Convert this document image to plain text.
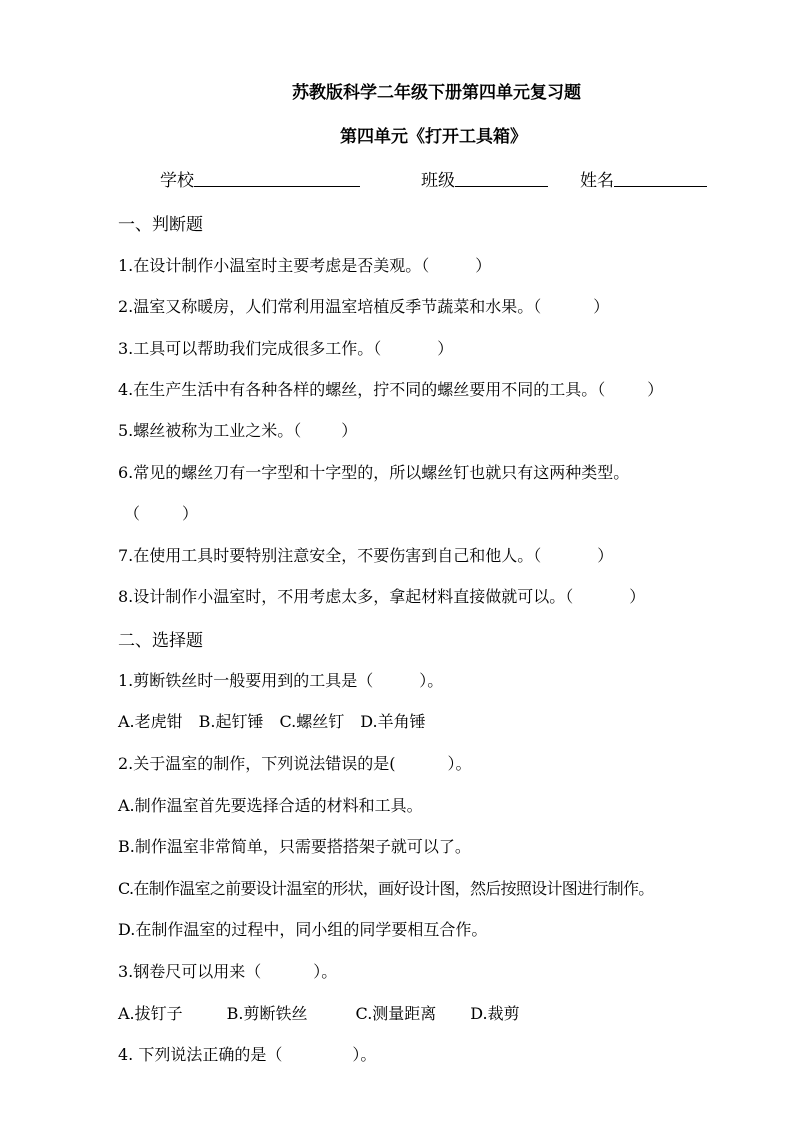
苏教版科学二年级下册第四单元复习题
第四单元《打开工具箱》
学校	班级	姓名
一、判断题
1.在设计制作小温室时主要考虑是否美观。（	）
2.温室又称暖房，人们常利用温室培植反季节蔬菜和水果。（	）
3.工具可以帮助我们完成很多工作。（	）
4.在生产生活中有各种各样的螺丝，拧不同的螺丝要用不同的工具。（	）
5.螺丝被称为工业之米。（	）
6.常见的螺丝刀有一字型和十字型的，所以螺丝钉也就只有这两种类型。
（	）
7.在使用工具时要特别注意安全，不要伤害到自己和他人。（	）
8.设计制作小温室时，不用考虑太多，拿起材料直接做就可以。（	）
二、选择题
1.剪断铁丝时一般要用到的工具是（	）。
A.老虎钳　B.起钉锤　C.螺丝钉　D.羊角锤
2.关于温室的制作，下列说法错误的是(	）。
A.制作温室首先要选择合适的材料和工具。
B.制作温室非常简单，只需要搭搭架子就可以了。
C.在制作温室之前要设计温室的形状，画好设计图，然后按照设计图进行制作。
D.在制作温室的过程中，同小组的同学要相互合作。
3.钢卷尺可以用来（	）。
A.拔钉子	B.剪断铁丝	C.测量距离 D.裁剪
4. 下列说法正确的是（	）。
